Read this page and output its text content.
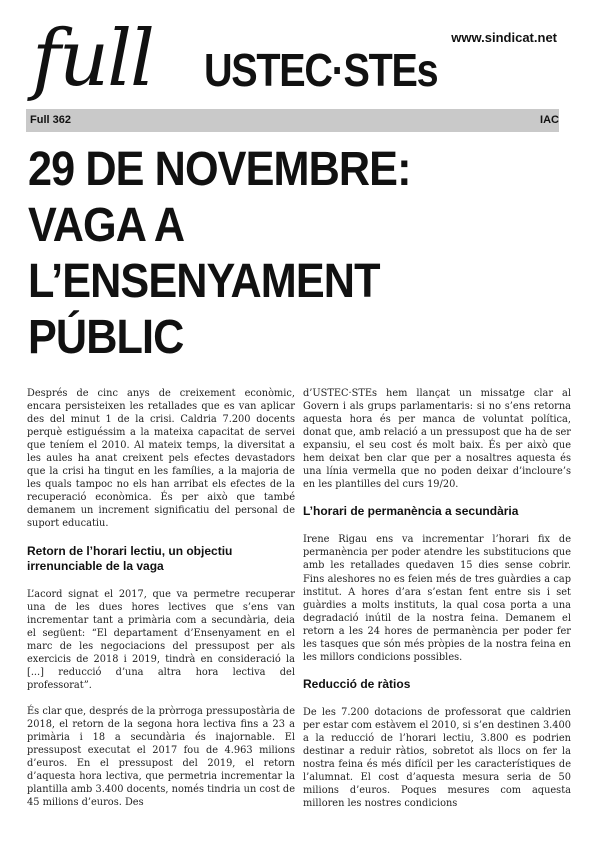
full USTEC·STEs
www.sindicat.net
Full 362	IAC
29 DE NOVEMBRE:
VAGA A
L’ENSENYAMENT
PÚBLIC

Després de cinc anys de creixement econòmic, encara persisteixen les retallades que es van aplicar des del minut 1 de la crisi. Caldria 7.200 docents perquè estiguéssim a la mateixa capacitat de servei que teníem el 2010. Al mateix temps, la diversitat a les aules ha anat creixent pels efectes devastadors que la crisi ha tingut en les famílies, a la majoria de les quals tampoc no els han arribat els efectes de la recuperació econòmica. És per això que també demanem un increment significatiu del personal de suport educatiu.

Retorn de l’horari lectiu, un objectiu irrenunciable de la vaga

L’acord signat el 2017, que va permetre recuperar una de les dues hores lectives que s’ens van incrementar tant a primària com a secundària, deia el següent: “El departament d’Ensenyament en el marc de les negociacions del pressupost per als exercicis de 2018 i 2019, tindrà en consideració la [...] reducció d’una altra hora lectiva del professorat”.

És clar que, després de la pròrroga pressupostària de 2018, el retorn de la segona hora lectiva fins a 23 a primària i 18 a secundària és inajornable. El pressupost executat el 2017 fou de 4.963 milions d’euros. En el pressupost del 2019, el retorn d’aquesta hora lectiva, que permetria incrementar la plantilla amb 3.400 docents, només tindria un cost de 45 milions d’euros. Des

d’USTEC·STEs hem llançat un missatge clar al Govern i als grups parlamentaris: si no s’ens retorna aquesta hora és per manca de voluntat política, donat que, amb relació a un pressupost que ha de ser expansiu, el seu cost és molt baix. És per això que hem deixat ben clar que per a nosaltres aquesta és una línia vermella que no poden deixar d’incloure’s en les plantilles del curs 19/20.

L’horari de permanència a secundària

Irene Rigau ens va incrementar l’horari fix de permanència per poder atendre les substitucions que amb les retallades quedaven 15 dies sense cobrir. Fins aleshores no es feien més de tres guàrdies a cap institut. A hores d’ara s’estan fent entre sis i set guàrdies a molts instituts, la qual cosa porta a una degradació inútil de la nostra feina. Demanem el retorn a les 24 hores de permanència per poder fer les tasques que són més pròpies de la nostra feina en les millors condicions possibles.

Reducció de ràtios

De les 7.200 dotacions de professorat que caldrien per estar com estàvem el 2010, si s’en destinen 3.400 a la reducció de l’horari lectiu, 3.800 es podrien destinar a reduir ràtios, sobretot als llocs on fer la nostra feina és més difícil per les característiques de l’alumnat. El cost d’aquesta mesura seria de 50 milions d’euros. Poques mesures com aquesta milloren les nostres condicions
